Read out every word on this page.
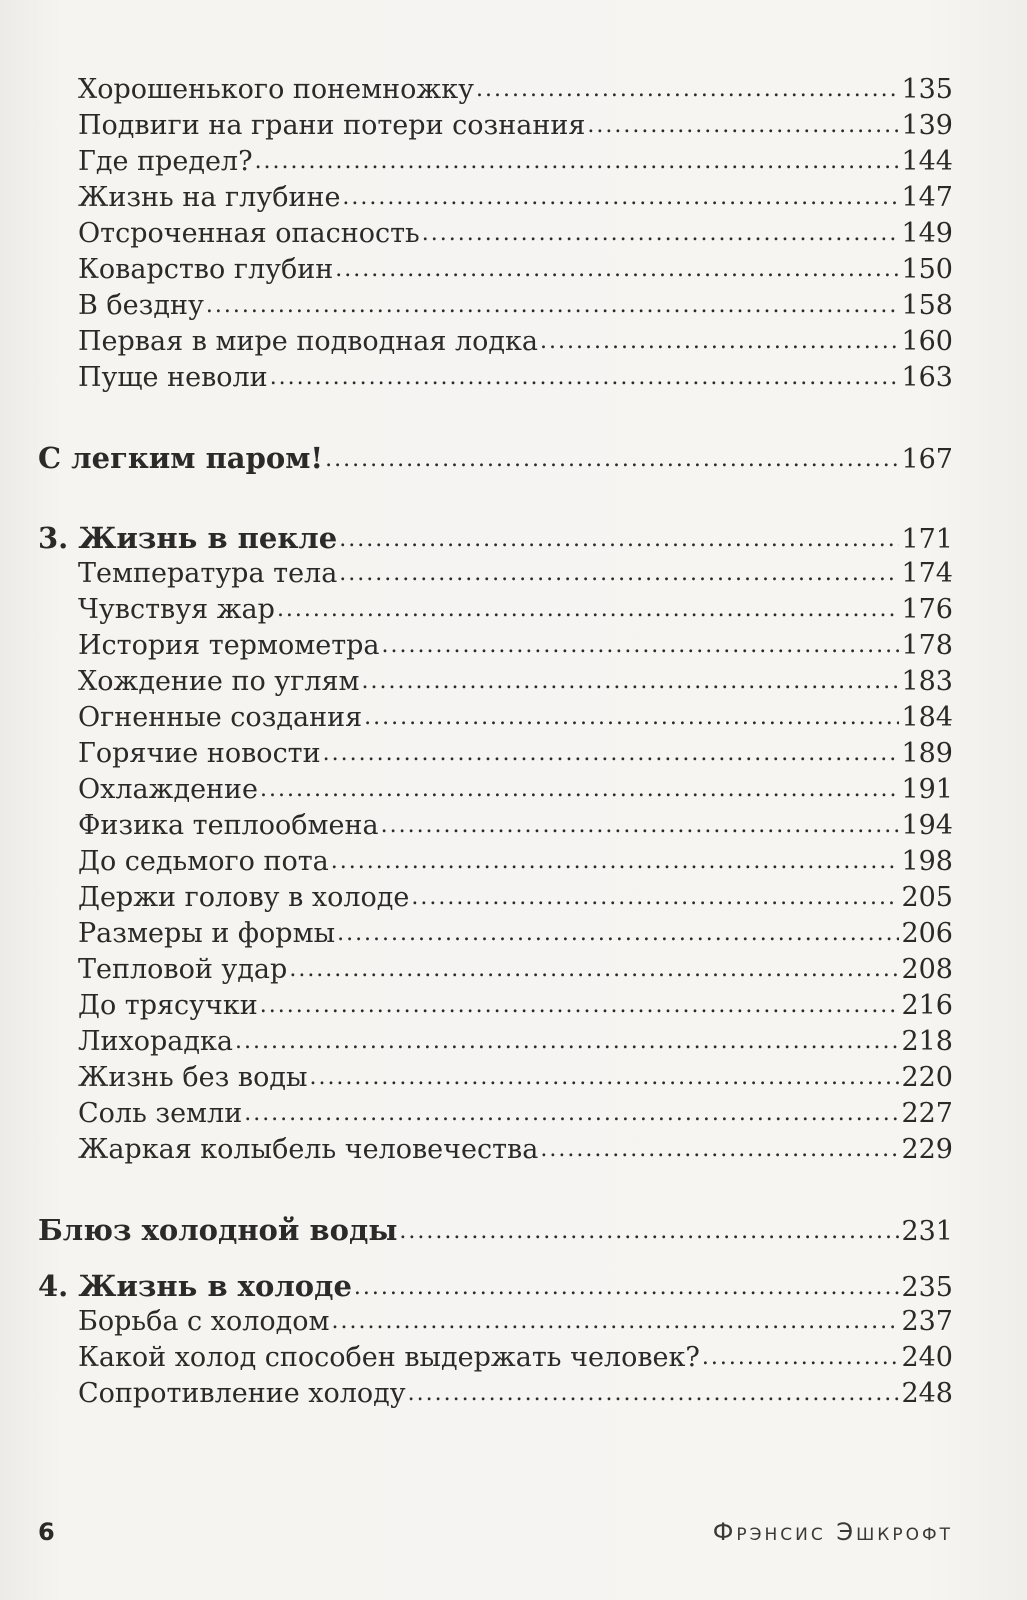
Хорошенького понемножку .....	135
Подвиги на грани потери сознания .....	139
Где предел? .....	144
Жизнь на глубине .....	147
Отсроченная опасность .....	149
Коварство глубин .....	150
В бездну .....	158
Первая в мире подводная лодка .....	160
Пуще неволи .....	163
С легким паром! .....	167
3. Жизнь в пекле .....	171
Температура тела .....	174
Чувствуя жар .....	176
История термометра .....	178
Хождение по углям .....	183
Огненные создания .....	184
Горячие новости .....	189
Охлаждение .....	191
Физика теплообмена .....	194
До седьмого пота .....	198
Держи голову в холоде .....	205
Размеры и формы .....	206
Тепловой удар .....	208
До трясучки .....	216
Лихорадка .....	218
Жизнь без воды .....	220
Соль земли .....	227
Жаркая колыбель человечества .....	229
Блюз холодной воды .....	231
4. Жизнь в холоде .....	235
Борьба с холодом .....	237
Какой холод способен выдержать человек? .....	240
Сопротивление холоду .....	248
6	Фрэнсис Эшкрофт
